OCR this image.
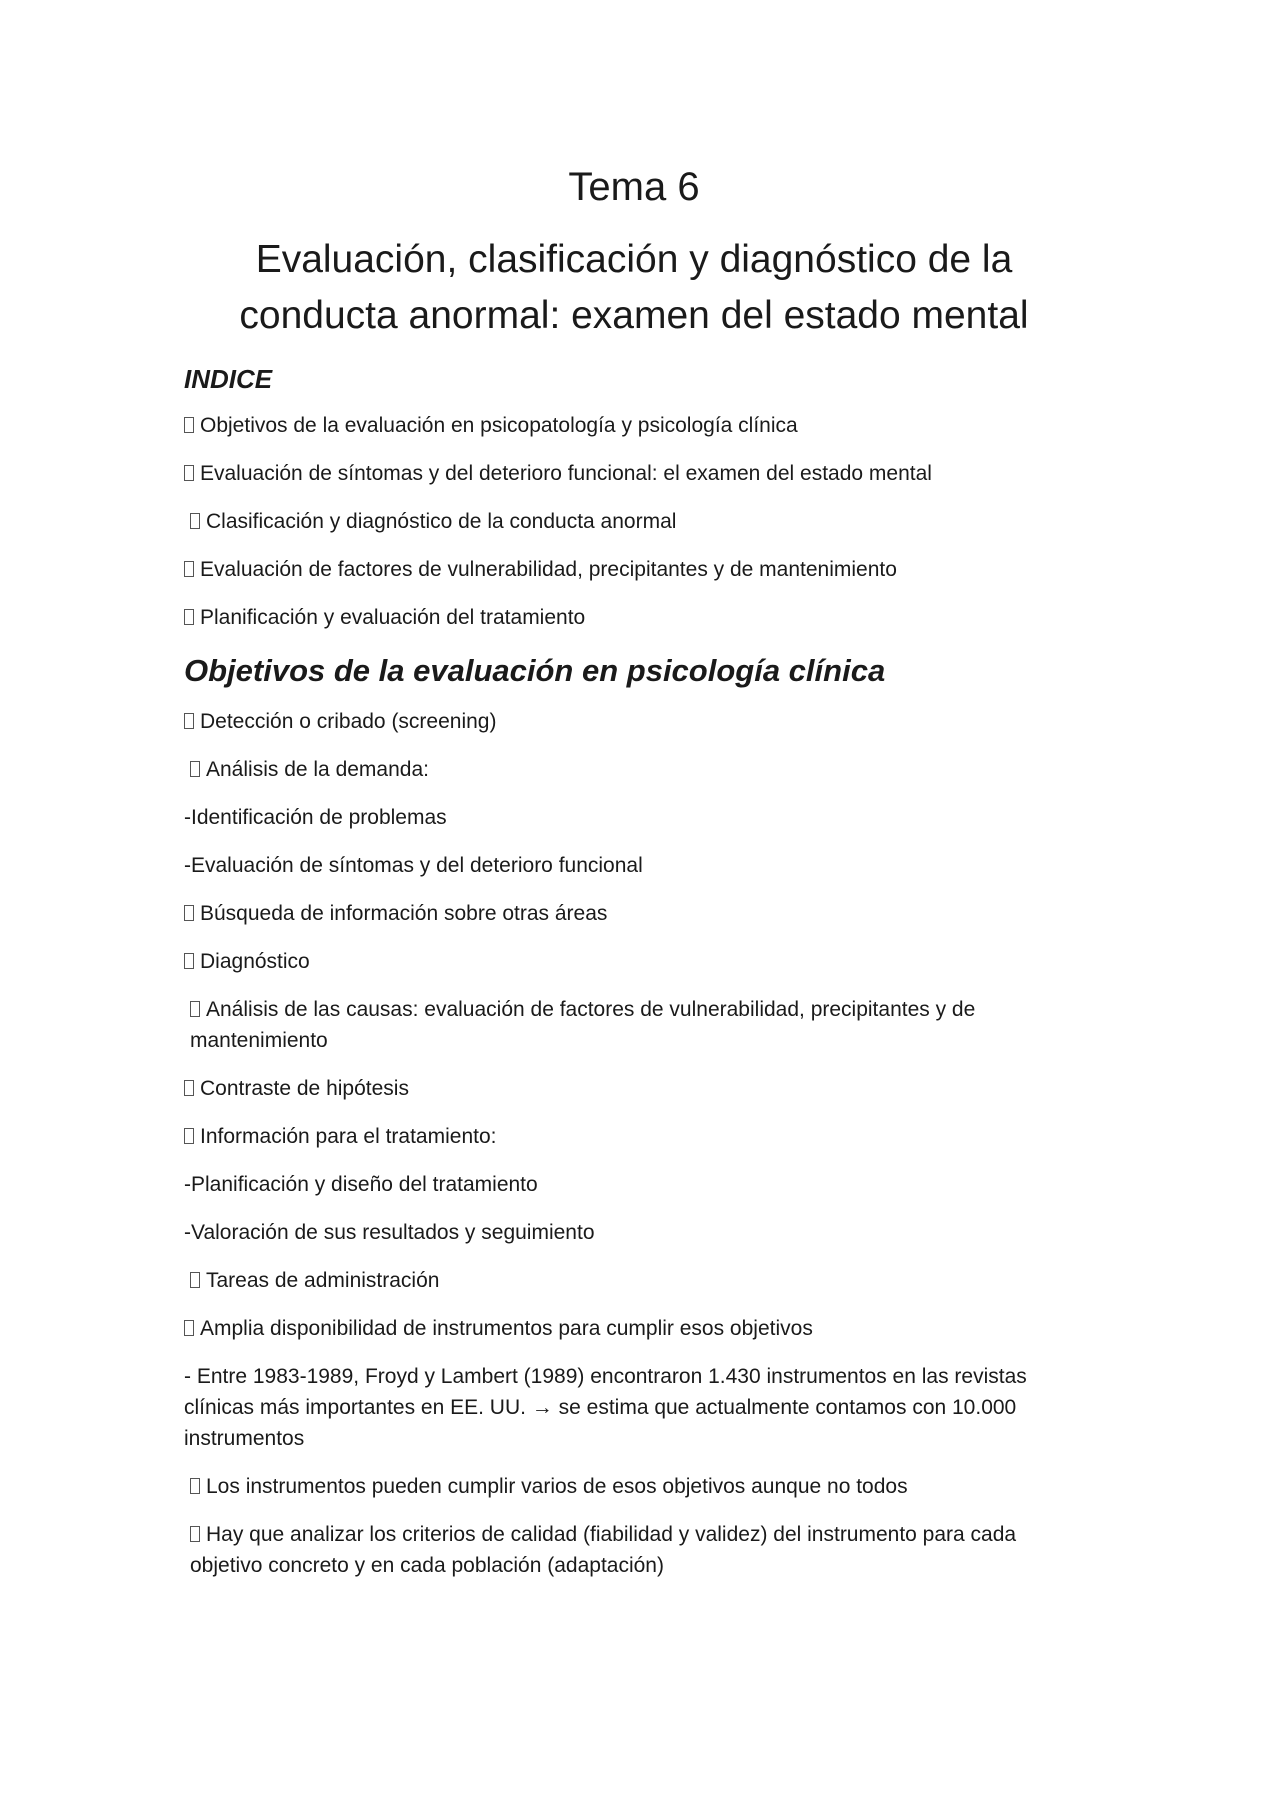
Tema 6
Evaluación, clasificación y diagnóstico de la
conducta anormal: examen del estado mental
INDICE
Objetivos de la evaluación en psicopatología y psicología clínica
Evaluación de síntomas y del deterioro funcional: el examen del estado mental
Clasificación y diagnóstico de la conducta anormal
Evaluación de factores de vulnerabilidad, precipitantes y de mantenimiento
Planificación y evaluación del tratamiento
Objetivos de la evaluación en psicología clínica
Detección o cribado (screening)
Análisis de la demanda:
-Identificación de problemas
-Evaluación de síntomas y del deterioro funcional
Búsqueda de información sobre otras áreas
Diagnóstico
Análisis de las causas: evaluación de factores de vulnerabilidad, precipitantes y de mantenimiento
Contraste de hipótesis
Información para el tratamiento:
-Planificación y diseño del tratamiento
-Valoración de sus resultados y seguimiento
Tareas de administración
Amplia disponibilidad de instrumentos para cumplir esos objetivos
- Entre 1983-1989, Froyd y Lambert (1989) encontraron 1.430 instrumentos en las revistas clínicas más importantes en EE. UU. → se estima que actualmente contamos con 10.000 instrumentos
Los instrumentos pueden cumplir varios de esos objetivos aunque no todos
Hay que analizar los criterios de calidad (fiabilidad y validez) del instrumento para cada objetivo concreto y en cada población (adaptación)
